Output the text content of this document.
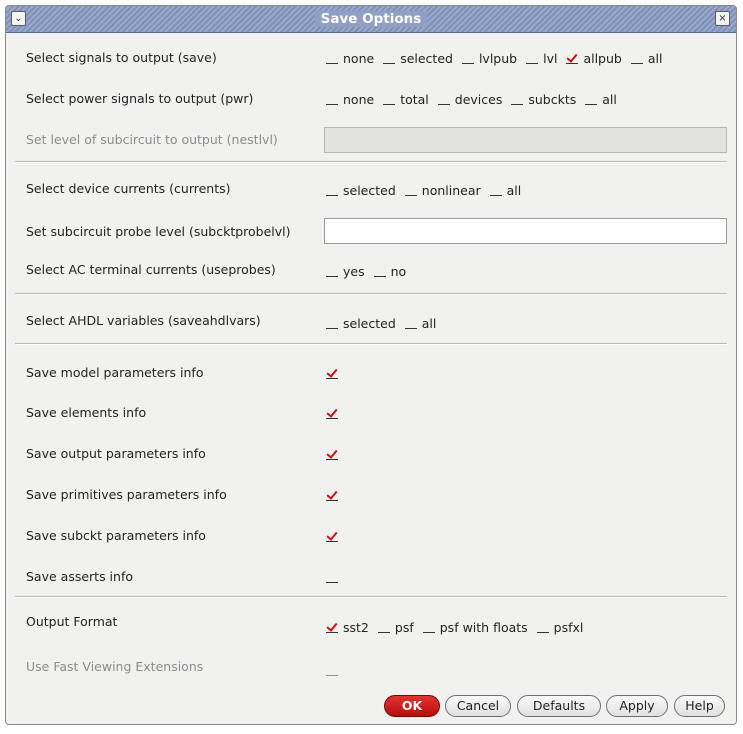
⌄	Save Options	×
Select signals to output (save)	none selected lvlpub lvl allpub all
Select power signals to output (pwr)	none total devices subckts all
Set level of subcircuit to output (nestlvl)
Select device currents (currents)	selected nonlinear all
Set subcircuit probe level (subcktprobelvl)
Select AC terminal currents (useprobes)	yes no
Select AHDL variables (saveahdlvars)	selected all
Save model parameters info
Save elements info
Save output parameters info
Save primitives parameters info
Save subckt parameters info
Save asserts info
Output Format	sst2 psf psf with floats psfxl
Use Fast Viewing Extensions
OK	Cancel	Defaults	Apply	Help
